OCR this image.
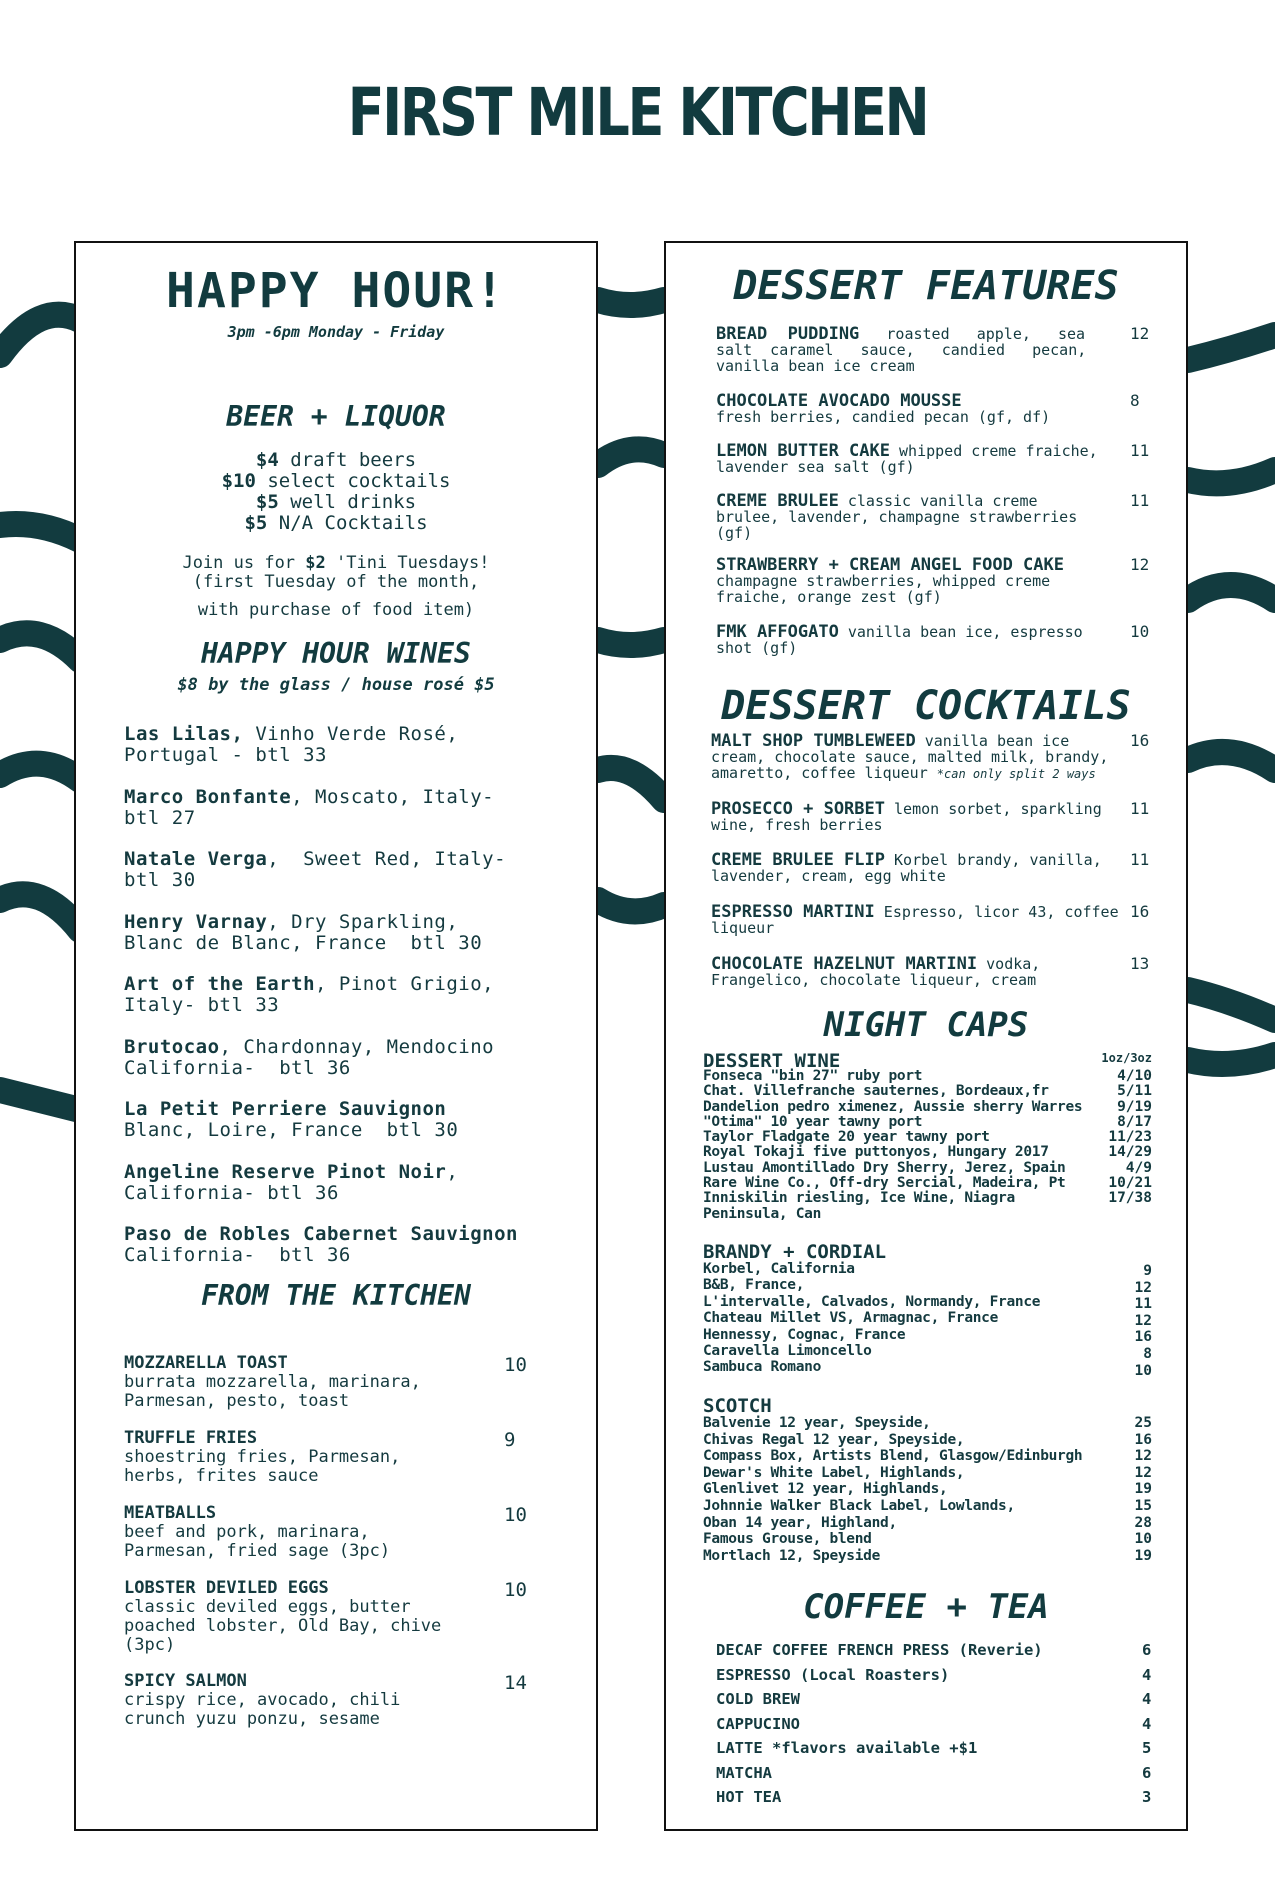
FIRST MILE KITCHEN
HAPPY HOUR!
3pm -6pm Monday - Friday
BEER + LIQUOR
$4 draft beers
$10 select cocktails
$5 well drinks
$5 N/A Cocktails
Join us for $2 'Tini Tuesdays!
(first Tuesday of the month,
with purchase of food item)
HAPPY HOUR WINES
$8 by the glass / house rosé $5
Las Lilas, Vinho Verde Rosé,
Portugal - btl 33
Marco Bonfante, Moscato, Italy-
btl 27
Natale Verga,  Sweet Red, Italy-
btl 30
Henry Varnay, Dry Sparkling,
Blanc de Blanc, France  btl 30
Art of the Earth, Pinot Grigio,
Italy- btl 33
Brutocao, Chardonnay, Mendocino
California-  btl 36
La Petit Perriere Sauvignon
Blanc, Loire, France  btl 30
Angeline Reserve Pinot Noir,
California- btl 36
Paso de Robles Cabernet Sauvignon
California-  btl 36
FROM THE KITCHEN
MOZZARELLA TOAST
burrata mozzarella, marinara,
Parmesan, pesto, toast
10
TRUFFLE FRIES
shoestring fries, Parmesan,
herbs, frites sauce
9
MEATBALLS
beef and pork, marinara,
Parmesan, fried sage (3pc)
10
LOBSTER DEVILED EGGS
classic deviled eggs, butter
poached lobster, Old Bay, chive
(3pc)
10
SPICY SALMON
crispy rice, avocado, chili
crunch yuzu ponzu, sesame
14
DESSERT FEATURES
BREAD  PUDDING   roasted   apple,   sea
salt  caramel   sauce,   candied   pecan,
vanilla bean ice cream
12
CHOCOLATE AVOCADO MOUSSE
fresh berries, candied pecan (gf, df)
8
LEMON BUTTER CAKE whipped creme fraiche,
lavender sea salt (gf)
11
CREME BRULEE classic vanilla creme
brulee, lavender, champagne strawberries
(gf)
11
STRAWBERRY + CREAM ANGEL FOOD CAKE
champagne strawberries, whipped creme
fraiche, orange zest (gf)
12
FMK AFFOGATO vanilla bean ice, espresso
shot (gf)
10
DESSERT COCKTAILS
MALT SHOP TUMBLEWEED vanilla bean ice
cream, chocolate sauce, malted milk, brandy,
amaretto, coffee liqueur *can only split 2 ways
16
PROSECCO + SORBET lemon sorbet, sparkling
wine, fresh berries
11
CREME BRULEE FLIP Korbel brandy, vanilla,
lavender, cream, egg white
11
ESPRESSO MARTINI Espresso, licor 43, coffee
liqueur
16
CHOCOLATE HAZELNUT MARTINI vodka,
Frangelico, chocolate liqueur, cream
13
NIGHT CAPS
DESSERT WINE	1oz/3oz
Fonseca "bin 27" ruby port
Chat. Villefranche sauternes, Bordeaux,fr
Dandelion pedro ximenez, Aussie sherry Warres
"Otima" 10 year tawny port
Taylor Fladgate 20 year tawny port
Royal Tokaji five puttonyos, Hungary 2017
Lustau Amontillado Dry Sherry, Jerez, Spain
Rare Wine Co., Off-dry Sercial, Madeira, Pt
Inniskilin riesling, Ice Wine, Niagra
Peninsula, Can
4/10
5/11
9/19
8/17
11/23
14/29
4/9
10/21
17/38

BRANDY + CORDIAL
Korbel, California
B&B, France,
L'intervalle, Calvados, Normandy, France
Chateau Millet VS, Armagnac, France
Hennessy, Cognac, France
Caravella Limoncello
Sambuca Romano
9
12
11
12
16
8
10
SCOTCH
Balvenie 12 year, Speyside,
Chivas Regal 12 year, Speyside,
Compass Box, Artists Blend, Glasgow/Edinburgh
Dewar's White Label, Highlands,
Glenlivet 12 year, Highlands,
Johnnie Walker Black Label, Lowlands,
Oban 14 year, Highland,
Famous Grouse, blend
Mortlach 12, Speyside
25
16
12
12
19
15
28
10
19
COFFEE + TEA
DECAF COFFEE FRENCH PRESS (Reverie)
ESPRESSO (Local Roasters)
COLD BREW
CAPPUCINO
LATTE *flavors available +$1
MATCHA
HOT TEA
6
4
4
4
5
6
3
